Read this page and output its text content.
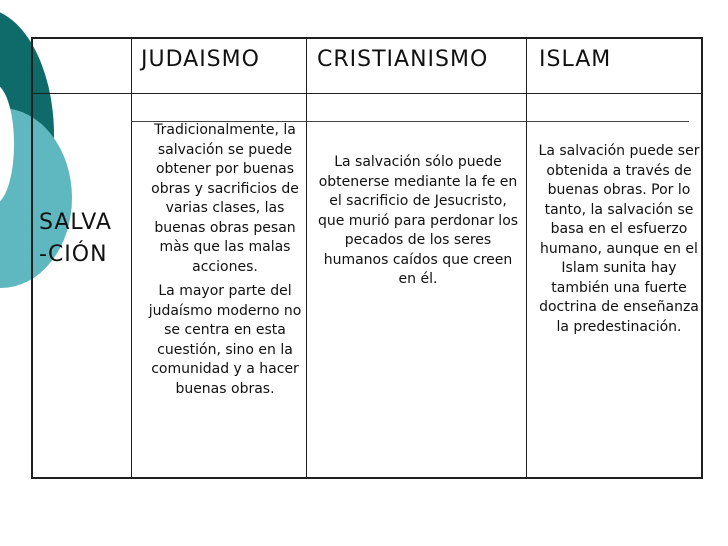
JUDAISMO	CRISTIANISMO ISLAM
SALVA
-CIÓN
Tradicionalmente, la salvación se puede obtener por buenas obras y sacrificios de varias clases, las buenas obras pesan màs que las malas acciones.
La mayor parte del judaísmo moderno no se centra en esta cuestión, sino en la comunidad y a hacer buenas obras.
La salvación sólo puede obtenerse mediante la fe en el sacrificio de Jesucristo, que murió para perdonar los pecados de los seres humanos caídos que creen en él.
La salvación puede ser obtenida a través de buenas obras. Por lo tanto, la salvación se basa en el esfuerzo humano, aunque en el Islam sunita hay también una fuerte doctrina de enseñanza la predestinación.
